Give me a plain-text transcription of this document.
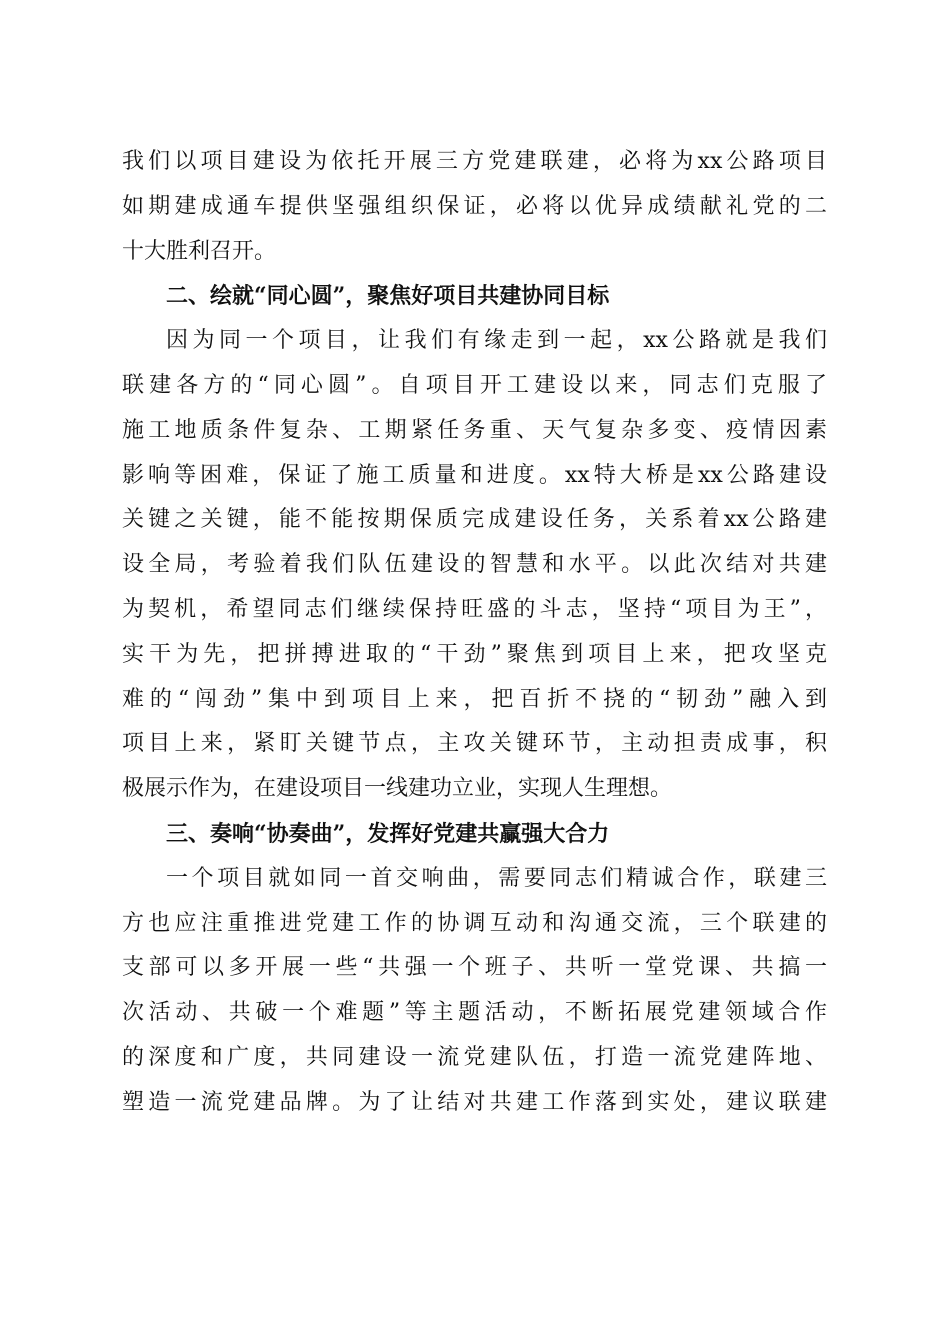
我们以项目建设为依托开展三方党建联建，必将为xx公路项目
如期建成通车提供坚强组织保证，必将以优异成绩献礼党的二
十大胜利召开。
二、绘就“同心圆”，聚焦好项目共建协同目标
因为同一个项目，让我们有缘走到一起，xx公路就是我们
联建各方的“同心圆”。自项目开工建设以来，同志们克服了
施工地质条件复杂、工期紧任务重、天气复杂多变、疫情因素
影响等困难，保证了施工质量和进度。xx特大桥是xx公路建设
关键之关键，能不能按期保质完成建设任务，关系着xx公路建
设全局，考验着我们队伍建设的智慧和水平。以此次结对共建
为契机，希望同志们继续保持旺盛的斗志，坚持“项目为王”，
实干为先，把拼搏进取的“干劲”聚焦到项目上来，把攻坚克
难的“闯劲”集中到项目上来，把百折不挠的“韧劲”融入到
项目上来，紧盯关键节点，主攻关键环节，主动担责成事，积
极展示作为，在建设项目一线建功立业，实现人生理想。
三、奏响“协奏曲”，发挥好党建共赢强大合力
一个项目就如同一首交响曲，需要同志们精诚合作，联建三
方也应注重推进党建工作的协调互动和沟通交流，三个联建的
支部可以多开展一些“共强一个班子、共听一堂党课、共搞一
次活动、共破一个难题”等主题活动，不断拓展党建领域合作
的深度和广度，共同建设一流党建队伍，打造一流党建阵地、
塑造一流党建品牌。为了让结对共建工作落到实处，建议联建
